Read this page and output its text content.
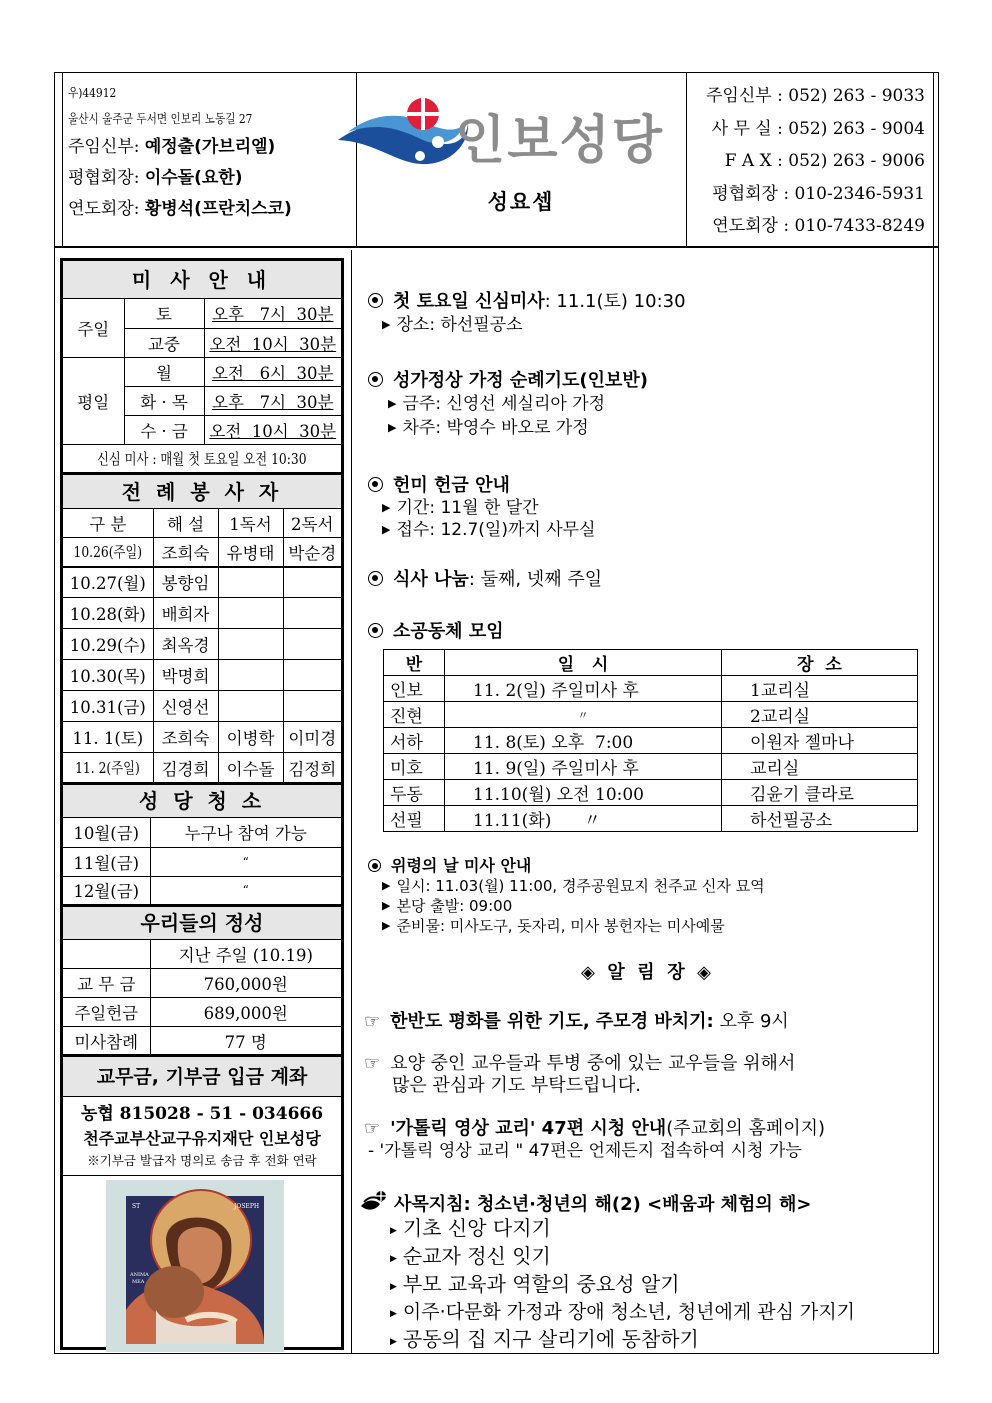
우)44912
울산시 울주군 두서면 인보리 노동길 27
주임신부: 예정출(가브리엘)
평협회장: 이수돌(요한)
연도회장: 황병석(프란치스코)
인보성당
성요셉
주임신부 : 052) 263 - 9033
사 무 실 : 052) 263 - 9004
F A X : 052) 263 - 9006
평협회장 : 010-2346-5931
연도회장 : 010-7433-8249
미 사 안 내
주일	토	오후   7시  30분
	교중	오전  10시  30분
평일	월	오전   6시  30분
	화 · 목	오후   7시  30분
	수 · 금	오전  10시  30분
신심 미사 : 매월 첫 토요일 오전 10:30		
전 례 봉 사 자
구 분	해 설	1독서	2독서
10.26(주일)	조희숙	유병태	박순경
10.27(월)	봉향임		
10.28(화)	배희자		
10.29(수)	최옥경		
10.30(목)	박명희		
10.31(금)	신영선		
11. 1(토)	조희숙	이병학	이미경
11. 2(주일)	김경희	이수돌	김정희
성 당 청 소
10월(금)	누구나 참여 가능
11월(금)	“
12월(금)	“
우리들의 정성
	지난 주일 (10.19)
교 무 금	760,000원
주일헌금	689,000원
미사참례	77 명
교무금, 기부금 입금 계좌
농협 815028 - 51 - 034666
천주교부산교구유지재단 인보성당
※기부금 발급자 명의로 송금 후 전화 연락
ST	JOSEPH
ANIMA
MEA
첫 토요일 신심미사: 11.1(토) 10:30
▶ 장소: 하선필공소
성가정상 가정 순례기도(인보반)
▶ 금주: 신영선 세실리아 가정
▶ 차주: 박영수 바오로 가정
헌미 헌금 안내
▶ 기간: 11월 한 달간
▶ 접수: 12.7(일)까지 사무실
식사 나눔: 둘째, 넷째 주일
소공동체 모임
반	일   시	장  소
인보	11. 2(일) 주일미사 후	1교리실
진현	〃	2교리실
서하	11. 8(토) 오후  7:00	이원자 젤마나
미호	11. 9(일) 주일미사 후	교리실
두동	11.10(월) 오전 10:00	김윤기 클라로
선필	11.11(화)      〃	하선필공소
위령의 날 미사 안내
▶ 일시: 11.03(월) 11:00, 경주공원묘지 천주교 신자 묘역
▶ 본당 출발: 09:00
▶ 준비물: 미사도구, 돗자리, 미사 봉헌자는 미사예물
◈  알  림  장  ◈
☞ 한반도 평화를 위한 기도, 주모경 바치기: 오후 9시
☞ 요양 중인 교우들과 투병 중에 있는 교우들을 위해서
많은 관심과 기도 부탁드립니다.
☞ '가톨릭 영상 교리' 47편 시청 안내(주교회의 홈페이지)
- '가톨릭 영상 교리 " 47편은 언제든지 접속하여 시청 가능
사목지침: 청소년·청년의 해(2) <배움과 체험의 해>
▶ 기초 신앙 다지기
▶ 순교자 정신 잇기
▶ 부모 교육과 역할의 중요성 알기
▶ 이주·다문화 가정과 장애 청소년, 청년에게 관심 가지기
▶ 공동의 집 지구 살리기에 동참하기
